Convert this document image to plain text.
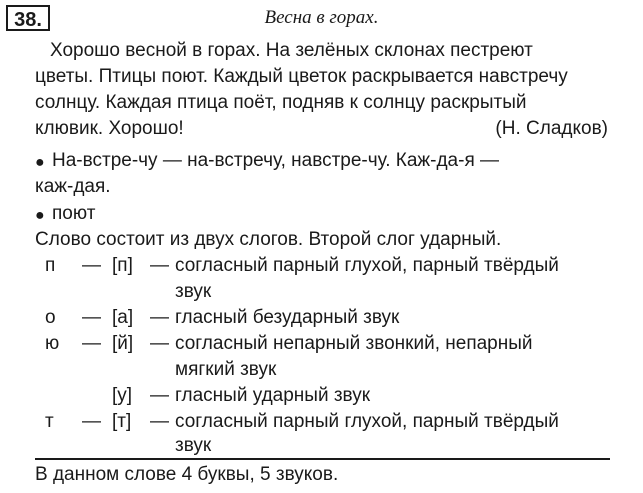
38.	Весна в горах.
Хорошо весной в горах. На зелёных склонах пестреют
цветы. Птицы поют. Каждый цветок раскрывается навстречу
солнцу. Каждая птица поёт, подняв к солнцу раскрытый
клювик. Хорошо!	(Н. Сладков)
● На-встре-чу — на-встречу, навстре-чу. Каж-да-я —
каж-дая.
● поют
Слово состоит из двух слогов. Второй слог ударный.
п — [п] — согласный парный глухой, парный твёрдый
звук
о — [а] — гласный безударный звук
ю — [й] — согласный непарный звонкий, непарный
мягкий звук
[у] — гласный ударный звук
т — [т] — согласный парный глухой, парный твёрдый
звук
В данном слове 4 буквы, 5 звуков.
